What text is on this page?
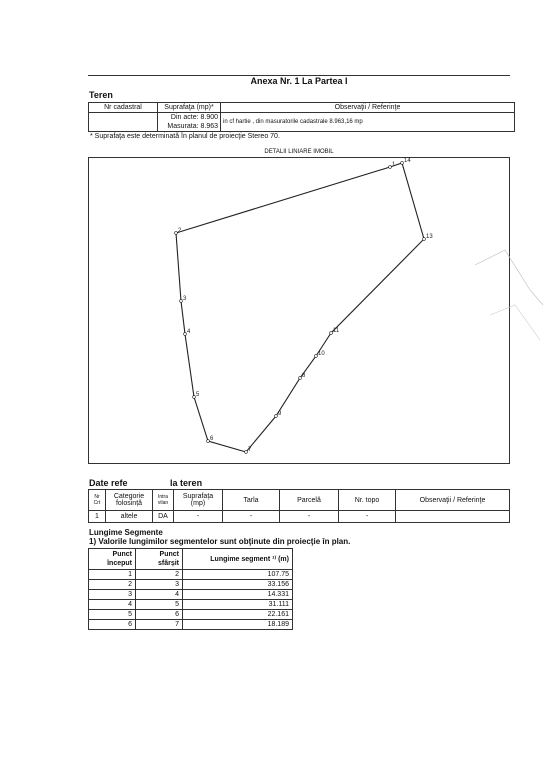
Anexa Nr. 1 La Partea I
Teren
Nr cadastral	Suprafaţa (mp)*	Observaţii / Referinţe

	Din acte: 8.900
Masurata: 8.963	in cf hartie , din masuratorile cadastrale 8.963,16 mp
* Suprafaţa este determinată în planul de proiecţie Stereo 70.
DETALII LINIARE IMOBIL
1
14
13
11
10
8
9
7
6
5
4
3
2
Date refe	la teren
Nr Crt	Categorie folosință	Intra vilan	Suprafața (mp)	Tarla	Parcelă	Nr. topo	Observaţii / Referinţe
1	altele	DA	-	-	-	-	
Lungime Segmente
1) Valorile lungimilor segmentelor sunt obţinute din proiecţie în plan.
Punct început	Punct sfârșit	Lungime segment ¹⁾ (m)
1	2	107.75
2	3	33.156
3	4	14.331
4	5	31.111
5	6	22.161
6	7	18.189
